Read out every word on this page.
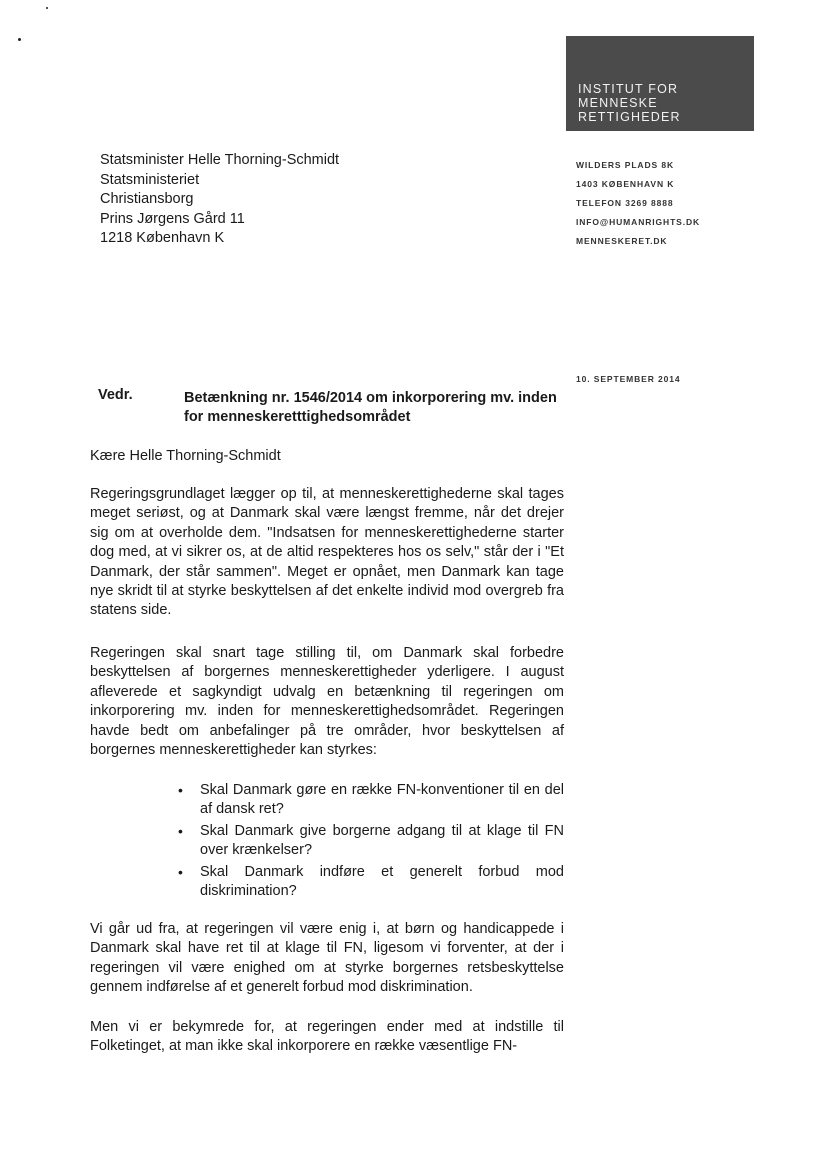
INSTITUT FOR
MENNESKE
RETTIGHEDER
Statsminister Helle Thorning-Schmidt
Statsministeriet
Christiansborg
Prins Jørgens Gård 11
1218 København K
WILDERS PLADS 8K
1403 KØBENHAVN K
TELEFON 3269 8888
INFO@HUMANRIGHTS.DK
MENNESKERET.DK
10. SEPTEMBER 2014
Vedr.	Betænkning nr. 1546/2014 om inkorporering mv. inden for menneskeretttighedsområdet
Kære Helle Thorning-Schmidt
Regeringsgrundlaget lægger op til, at menneskerettighederne skal tages meget seriøst, og at Danmark skal være længst fremme, når det drejer sig om at overholde dem. "Indsatsen for menneskerettighederne starter dog med, at vi sikrer os, at de altid respekteres hos os selv," står der i "Et Danmark, der står sammen". Meget er opnået, men Danmark kan tage nye skridt til at styrke beskyttelsen af det enkelte individ mod overgreb fra statens side.
Regeringen skal snart tage stilling til, om Danmark skal forbedre beskyttelsen af borgernes menneskerettigheder yderligere. I august afleverede et sagkyndigt udvalg en betænkning til regeringen om inkorporering mv. inden for menneskerettighedsområdet. Regeringen havde bedt om anbefalinger på tre områder, hvor beskyttelsen af borgernes menneskerettigheder kan styrkes:
• Skal Danmark gøre en række FN-konventioner til en del af dansk ret?
• Skal Danmark give borgerne adgang til at klage til FN over krænkelser?
• Skal Danmark indføre et generelt forbud mod diskrimination?
Vi går ud fra, at regeringen vil være enig i, at børn og handicappede i Danmark skal have ret til at klage til FN, ligesom vi forventer, at der i regeringen vil være enighed om at styrke borgernes retsbeskyttelse gennem indførelse af et generelt forbud mod diskrimination.
Men vi er bekymrede for, at regeringen ender med at indstille til Folketinget, at man ikke skal inkorporere en række væsentlige FN-
